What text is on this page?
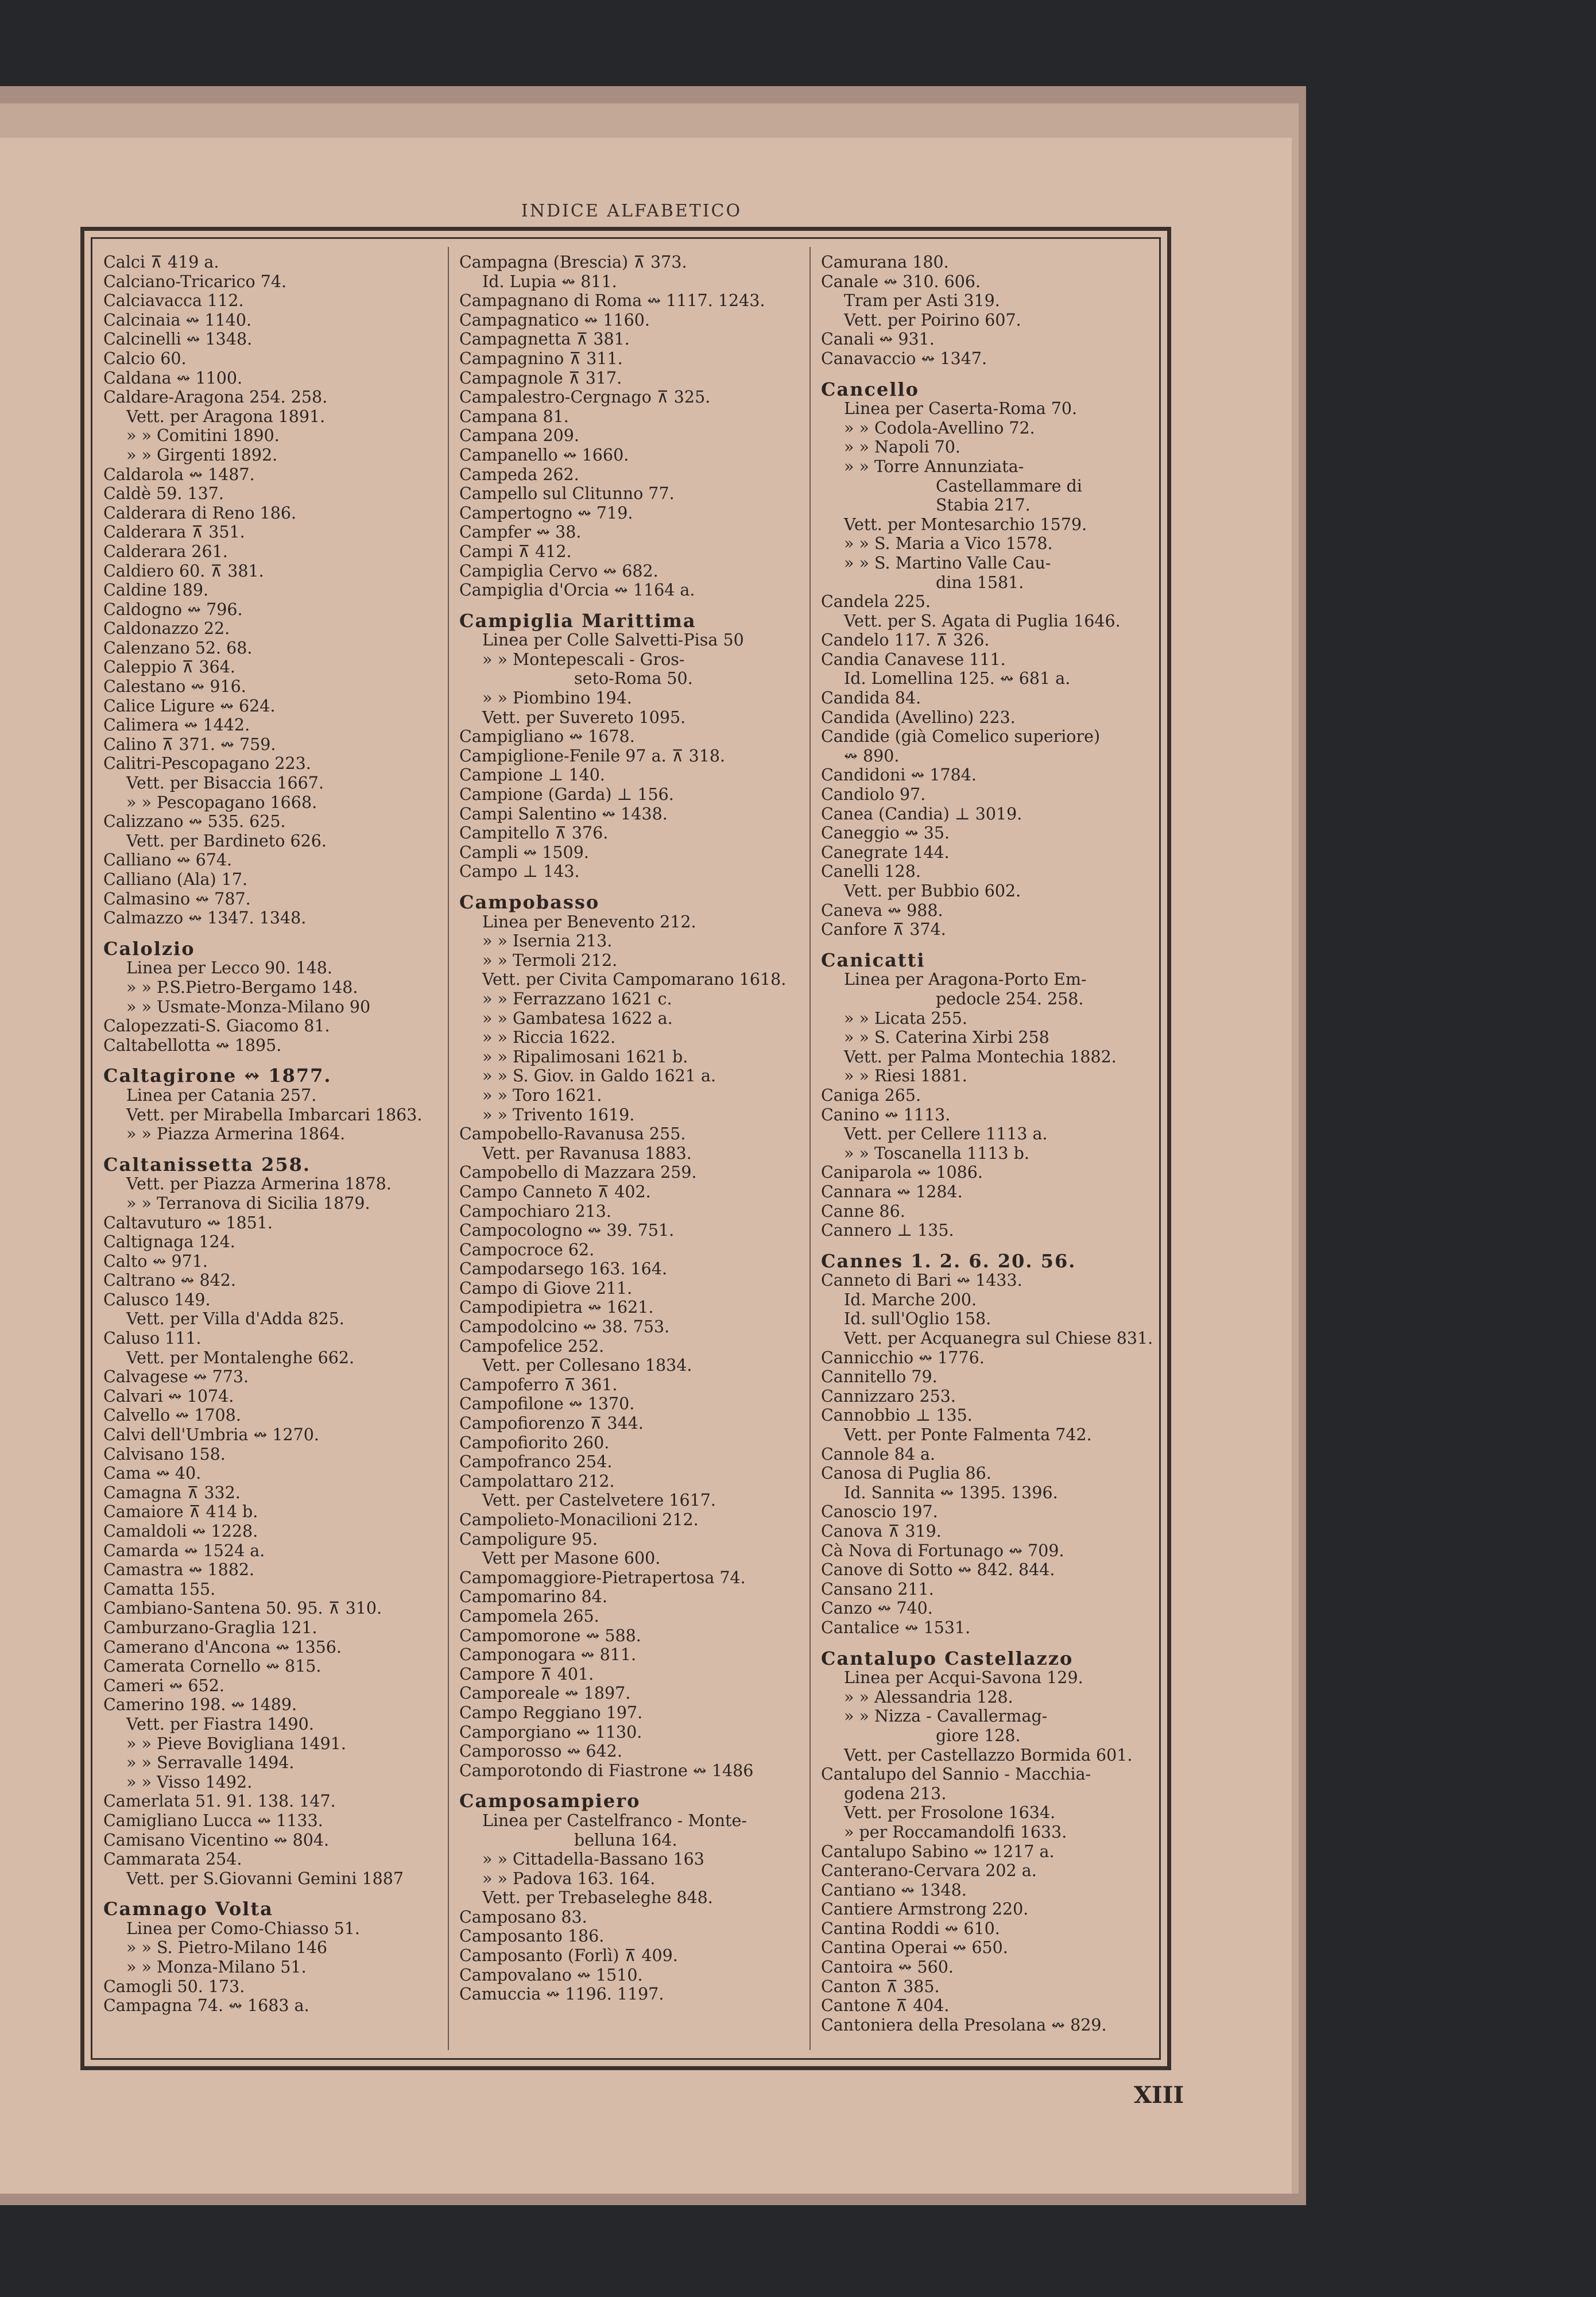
INDICE ALFABETICO
Calci ⊼ 419 a.
Calciano-Tricarico 74.
Calciavacca 112.
Calcinaia ↭ 1140.
Calcinelli ↭ 1348.
Calcio 60.
Caldana ↭ 1100.
Caldare-Aragona 254. 258.
Vett. per Aragona 1891.
» » Comitini 1890.
» » Girgenti 1892.
Caldarola ↭ 1487.
Caldè 59. 137.
Calderara di Reno 186.
Calderara ⊼ 351.
Calderara 261.
Caldiero 60. ⊼ 381.
Caldine 189.
Caldogno ↭ 796.
Caldonazzo 22.
Calenzano 52. 68.
Caleppio ⊼ 364.
Calestano ↭ 916.
Calice Ligure ↭ 624.
Calimera ↭ 1442.
Calino ⊼ 371. ↭ 759.
Calitri-Pescopagano 223.
Vett. per Bisaccia 1667.
» » Pescopagano 1668.
Calizzano ↭ 535. 625.
Vett. per Bardineto 626.
Calliano ↭ 674.
Calliano (Ala) 17.
Calmasino ↭ 787.
Calmazzo ↭ 1347. 1348.
Calolzio
Linea per Lecco 90. 148.
» » P.S.Pietro-Bergamo 148.
» » Usmate-Monza-Milano 90
Calopezzati-S. Giacomo 81.
Caltabellotta ↭ 1895.
Caltagirone ↭ 1877.
Linea per Catania 257.
Vett. per Mirabella Imbarcari 1863.
» » Piazza Armerina 1864.
Caltanissetta 258.
Vett. per Piazza Armerina 1878.
» » Terranova di Sicilia 1879.
Caltavuturo ↭ 1851.
Caltignaga 124.
Calto ↭ 971.
Caltrano ↭ 842.
Calusco 149.
Vett. per Villa d'Adda 825.
Caluso 111.
Vett. per Montalenghe 662.
Calvagese ↭ 773.
Calvari ↭ 1074.
Calvello ↭ 1708.
Calvi dell'Umbria ↭ 1270.
Calvisano 158.
Cama ↭ 40.
Camagna ⊼ 332.
Camaiore ⊼ 414 b.
Camaldoli ↭ 1228.
Camarda ↭ 1524 a.
Camastra ↭ 1882.
Camatta 155.
Cambiano-Santena 50. 95. ⊼ 310.
Camburzano-Graglia 121.
Camerano d'Ancona ↭ 1356.
Camerata Cornello ↭ 815.
Cameri ↭ 652.
Camerino 198. ↭ 1489.
Vett. per Fiastra 1490.
» » Pieve Bovigliana 1491.
» » Serravalle 1494.
» » Visso 1492.
Camerlata 51. 91. 138. 147.
Camigliano Lucca ↭ 1133.
Camisano Vicentino ↭ 804.
Cammarata 254.
Vett. per S.Giovanni Gemini 1887
Camnago Volta
Linea per Como-Chiasso 51.
» » S. Pietro-Milano 146
» » Monza-Milano 51.
Camogli 50. 173.
Campagna 74. ↭ 1683 a.
Campagna (Brescia) ⊼ 373.
Id. Lupia ↭ 811.
Campagnano di Roma ↭ 1117. 1243.
Campagnatico ↭ 1160.
Campagnetta ⊼ 381.
Campagnino ⊼ 311.
Campagnole ⊼ 317.
Campalestro-Cergnago ⊼ 325.
Campana 81.
Campana 209.
Campanello ↭ 1660.
Campeda 262.
Campello sul Clitunno 77.
Campertogno ↭ 719.
Campfer ↭ 38.
Campi ⊼ 412.
Campiglia Cervo ↭ 682.
Campiglia d'Orcia ↭ 1164 a.
Campiglia Marittima
Linea per Colle Salvetti-Pisa 50
» » Montepescali - Gros-
seto-Roma 50.
» » Piombino 194.
Vett. per Suvereto 1095.
Campigliano ↭ 1678.
Campiglione-Fenile 97 a. ⊼ 318.
Campione ⊥ 140.
Campione (Garda) ⊥ 156.
Campi Salentino ↭ 1438.
Campitello ⊼ 376.
Campli ↭ 1509.
Campo ⊥ 143.
Campobasso
Linea per Benevento 212.
» » Isernia 213.
» » Termoli 212.
Vett. per Civita Campomarano 1618.
» » Ferrazzano 1621 c.
» » Gambatesa 1622 a.
» » Riccia 1622.
» » Ripalimosani 1621 b.
» » S. Giov. in Galdo 1621 a.
» » Toro 1621.
» » Trivento 1619.
Campobello-Ravanusa 255.
Vett. per Ravanusa 1883.
Campobello di Mazzara 259.
Campo Canneto ⊼ 402.
Campochiaro 213.
Campocologno ↭ 39. 751.
Campocroce 62.
Campodarsego 163. 164.
Campo di Giove 211.
Campodipietra ↭ 1621.
Campodolcino ↭ 38. 753.
Campofelice 252.
Vett. per Collesano 1834.
Campoferro ⊼ 361.
Campofilone ↭ 1370.
Campofiorenzo ⊼ 344.
Campofiorito 260.
Campofranco 254.
Campolattaro 212.
Vett. per Castelvetere 1617.
Campolieto-Monacilioni 212.
Campoligure 95.
Vett per Masone 600.
Campomaggiore-Pietrapertosa 74.
Campomarino 84.
Campomela 265.
Campomorone ↭ 588.
Camponogara ↭ 811.
Campore ⊼ 401.
Camporeale ↭ 1897.
Campo Reggiano 197.
Camporgiano ↭ 1130.
Camporosso ↭ 642.
Camporotondo di Fiastrone ↭ 1486
Camposampiero
Linea per Castelfranco - Monte-
belluna 164.
» » Cittadella-Bassano 163
» » Padova 163. 164.
Vett. per Trebaseleghe 848.
Camposano 83.
Camposanto 186.
Camposanto (Forlì) ⊼ 409.
Campovalano ↭ 1510.
Camuccia ↭ 1196. 1197.
Camurana 180.
Canale ↭ 310. 606.
Tram per Asti 319.
Vett. per Poirino 607.
Canali ↭ 931.
Canavaccio ↭ 1347.
Cancello
Linea per Caserta-Roma 70.
» » Codola-Avellino 72.
» » Napoli 70.
» » Torre Annunziata-
Castellammare di
Stabia 217.
Vett. per Montesarchio 1579.
» » S. Maria a Vico 1578.
» » S. Martino Valle Cau-
dina 1581.
Candela 225.
Vett. per S. Agata di Puglia 1646.
Candelo 117. ⊼ 326.
Candia Canavese 111.
Id. Lomellina 125. ↭ 681 a.
Candida 84.
Candida (Avellino) 223.
Candide (già Comelico superiore)
↭ 890.
Candidoni ↭ 1784.
Candiolo 97.
Canea (Candia) ⊥ 3019.
Caneggio ↭ 35.
Canegrate 144.
Canelli 128.
Vett. per Bubbio 602.
Caneva ↭ 988.
Canfore ⊼ 374.
Canicatti
Linea per Aragona-Porto Em-
pedocle 254. 258.
» » Licata 255.
» » S. Caterina Xirbi 258
Vett. per Palma Montechia 1882.
» » Riesi 1881.
Caniga 265.
Canino ↭ 1113.
Vett. per Cellere 1113 a.
» » Toscanella 1113 b.
Caniparola ↭ 1086.
Cannara ↭ 1284.
Canne 86.
Cannero ⊥ 135.
Cannes 1. 2. 6. 20. 56.
Canneto di Bari ↭ 1433.
Id. Marche 200.
Id. sull'Oglio 158.
Vett. per Acquanegra sul Chiese 831.
Cannicchio ↭ 1776.
Cannitello 79.
Cannizzaro 253.
Cannobbio ⊥ 135.
Vett. per Ponte Falmenta 742.
Cannole 84 a.
Canosa di Puglia 86.
Id. Sannita ↭ 1395. 1396.
Canoscio 197.
Canova ⊼ 319.
Cà Nova di Fortunago ↭ 709.
Canove di Sotto ↭ 842. 844.
Cansano 211.
Canzo ↭ 740.
Cantalice ↭ 1531.
Cantalupo Castellazzo
Linea per Acqui-Savona 129.
» » Alessandria 128.
» » Nizza - Cavallermag-
giore 128.
Vett. per Castellazzo Bormida 601.
Cantalupo del Sannio - Macchia-
godena 213.
Vett. per Frosolone 1634.
» per Roccamandolfi 1633.
Cantalupo Sabino ↭ 1217 a.
Canterano-Cervara 202 a.
Cantiano ↭ 1348.
Cantiere Armstrong 220.
Cantina Roddi ↭ 610.
Cantina Operai ↭ 650.
Cantoira ↭ 560.
Canton ⊼ 385.
Cantone ⊼ 404.
Cantoniera della Presolana ↭ 829.
XIII
